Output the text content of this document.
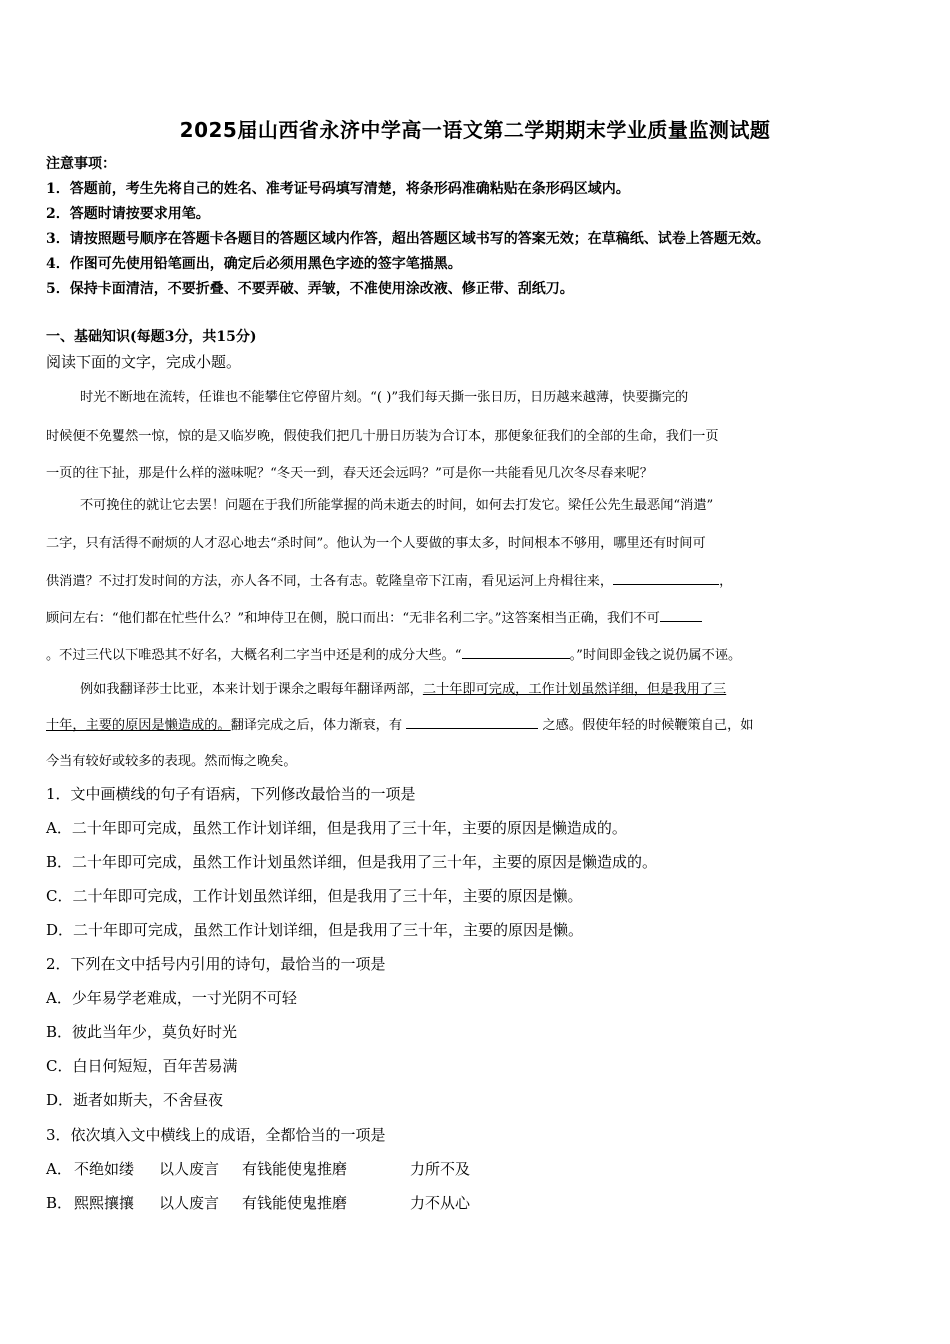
2025届山西省永济中学高一语文第二学期期末学业质量监测试题
注意事项：
1．答题前，考生先将自己的姓名、准考证号码填写清楚，将条形码准确粘贴在条形码区域内。
2．答题时请按要求用笔。
3．请按照题号顺序在答题卡各题目的答题区域内作答，超出答题区域书写的答案无效；在草稿纸、试卷上答题无效。
4．作图可先使用铅笔画出，确定后必须用黑色字迹的签字笔描黑。
5．保持卡面清洁，不要折叠、不要弄破、弄皱，不准使用涂改液、修正带、刮纸刀。
一、基础知识(每题3分，共15分)
阅读下面的文字，完成小题。
时光不断地在流转，任谁也不能攀住它停留片刻。“( )”我们每天撕一张日历，日历越来越薄，快要撕完的
时候便不免矍然一惊，惊的是又临岁晚，假使我们把几十册日历装为合订本，那便象征我们的全部的生命，我们一页
一页的往下扯，那是什么样的滋味呢？“冬天一到，春天还会远吗？”可是你一共能看见几次冬尽春来呢？
不可挽住的就让它去罢！问题在于我们所能掌握的尚未逝去的时间，如何去打发它。梁任公先生最恶闻“消遣”
二字，只有活得不耐烦的人才忍心地去“杀时间”。他认为一个人要做的事太多，时间根本不够用，哪里还有时间可
供消遣？不过打发时间的方法，亦人各不同，士各有志。乾隆皇帝下江南，看见运河上舟楫往来，	，
顾问左右：“他们都在忙些什么？”和坤侍卫在侧，脱口而出：“无非名利二字。”这答案相当正确，我们不可
。不过三代以下唯恐其不好名，大概名利二字当中还是利的成分大些。“	。”时间即金钱之说仍属不诬。
例如我翻译莎士比亚，本来计划于课余之暇每年翻译两部，二十年即可完成，工作计划虽然详细，但是我用了三
十年，主要的原因是懒造成的。翻译完成之后，体力渐衰，有	之感。假使年轻的时候鞭策自己，如
今当有较好或较多的表现。然而悔之晚矣。
1．文中画横线的句子有语病，下列修改最恰当的一项是
A．二十年即可完成，虽然工作计划详细，但是我用了三十年，主要的原因是懒造成的。
B．二十年即可完成，虽然工作计划虽然详细，但是我用了三十年，主要的原因是懒造成的。
C．二十年即可完成，工作计划虽然详细，但是我用了三十年，主要的原因是懒。
D．二十年即可完成，虽然工作计划详细，但是我用了三十年，主要的原因是懒。
2．下列在文中括号内引用的诗句，最恰当的一项是
A．少年易学老难成，一寸光阴不可轻
B．彼此当年少，莫负好时光
C．白日何短短，百年苦易满
D．逝者如斯夫，不舍昼夜
3．依次填入文中横线上的成语，全都恰当的一项是
A． 不绝如缕 以人废言 有钱能使鬼推磨	力所不及
B． 熙熙攘攘 以人废言 有钱能使鬼推磨	力不从心
